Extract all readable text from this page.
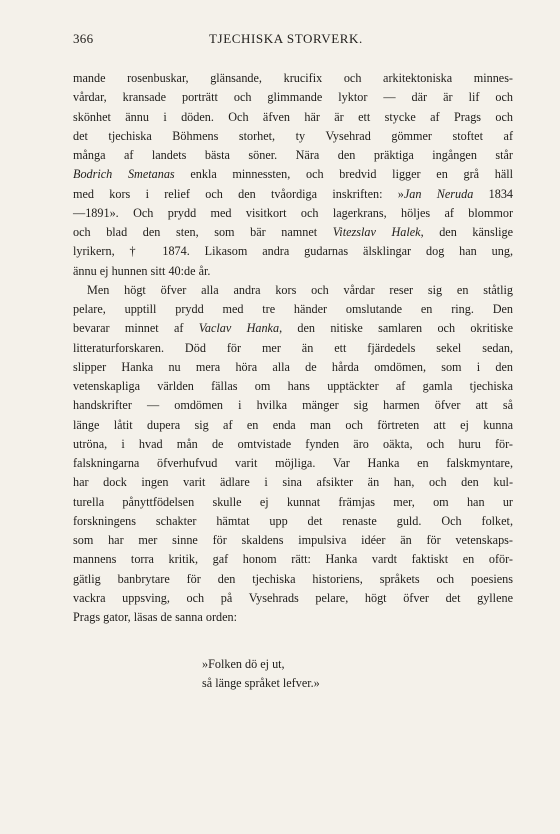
366	TJECHISKA STORVERK.
mande rosenbuskar, glänsande, krucifix och arkitektoniska minnes-
vårdar, kransade porträtt och glimmande lyktor — där är lif och
skönhet ännu i döden. Och äfven här är ett stycke af Prags och
det tjechiska Böhmens storhet, ty Vysehrad gömmer stoftet af
många af landets bästa söner. Nära den präktiga ingången står
Bodrich Smetanas enkla minnessten, och bredvid ligger en grå häll
med kors i relief och den tvåordiga inskriften: »Jan Neruda 1834
—1891». Och prydd med visitkort och lagerkrans, höljes af blommor
och blad den sten, som bär namnet Vitezslav Halek, den känslige
lyrikern, † 1874. Likasom andra gudarnas älsklingar dog han ung,
ännu ej hunnen sitt 40:de år.
Men högt öfver alla andra kors och vårdar reser sig en ståtlig
pelare, upptill prydd med tre händer omslutande en ring. Den
bevarar minnet af Vaclav Hanka, den nitiske samlaren och okritiske
litteraturforskaren. Död för mer än ett fjärdedels sekel sedan,
slipper Hanka nu mera höra alla de hårda omdömen, som i den
vetenskapliga världen fällas om hans upptäckter af gamla tjechiska
handskrifter — omdömen i hvilka mänger sig harmen öfver att så
länge låtit dupera sig af en enda man och förtreten att ej kunna
utröna, i hvad mån de omtvistade fynden äro oäkta, och huru för-
falskningarna öfverhufvud varit möjliga. Var Hanka en falskmyntare,
har dock ingen varit ädlare i sina afsikter än han, och den kul-
turella pånyttfödelsen skulle ej kunnat främjas mer, om han ur
forskningens schakter hämtat upp det renaste guld. Och folket,
som har mer sinne för skaldens impulsiva idéer än för vetenskaps-
mannens torra kritik, gaf honom rätt: Hanka vardt faktiskt en oför-
gätlig banbrytare för den tjechiska historiens, språkets och poesiens
vackra uppsving, och på Vysehrads pelare, högt öfver det gyllene
Prags gator, läsas de sanna orden:
»Folken dö ej ut,
så länge språket lefver.»
